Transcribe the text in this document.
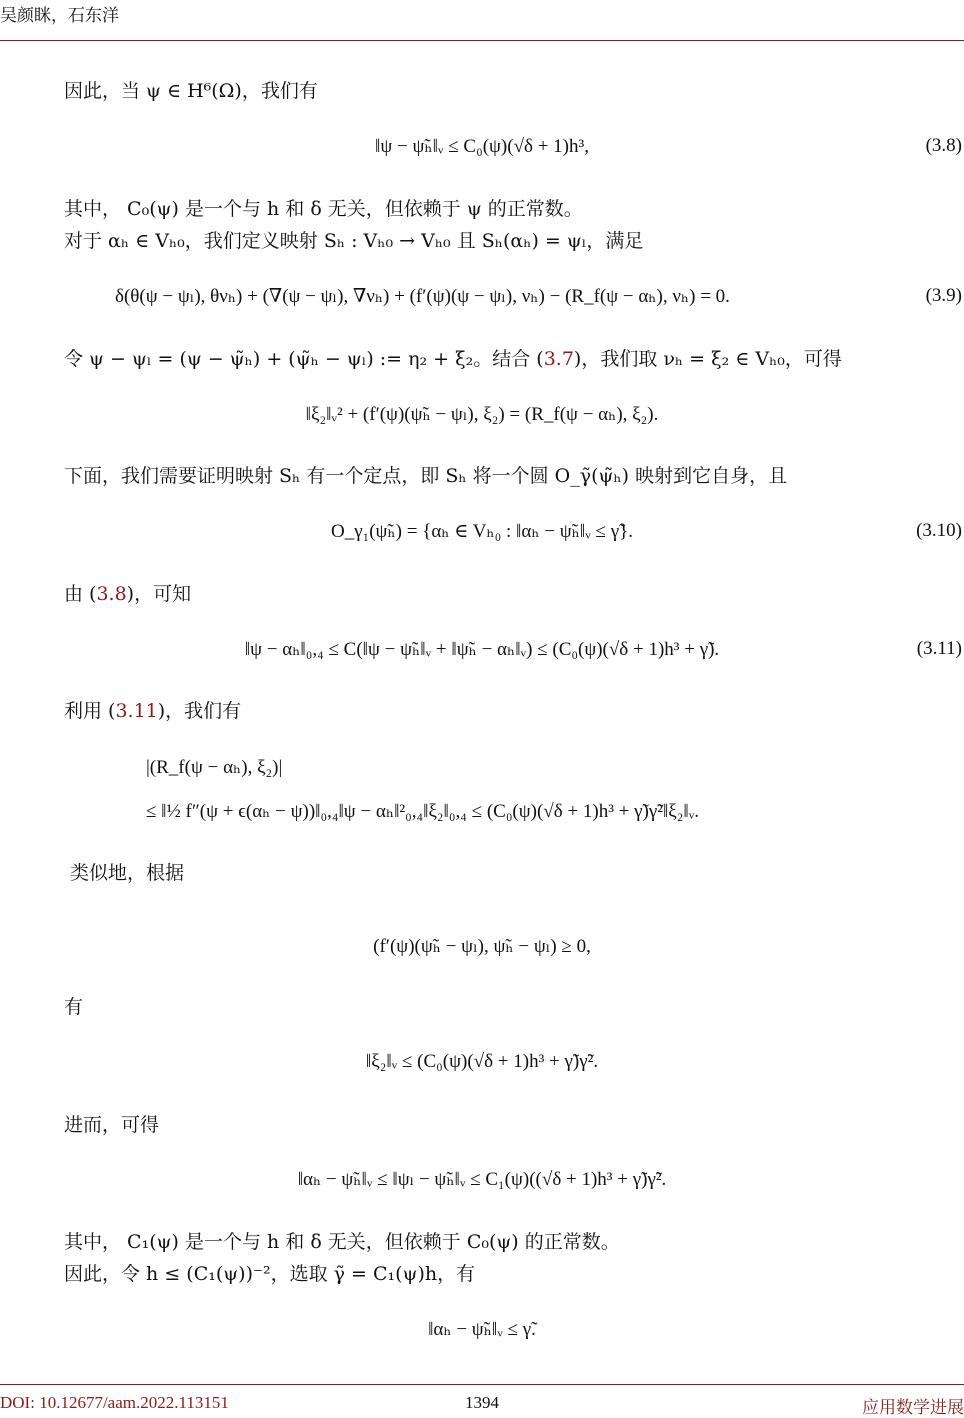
吴颜眯，石东洋
因此，当 ψ ∈ H⁶(Ω)，我们有
‖ψ − ψ̃ₕ‖ᵥ ≤ C₀(ψ)(√δ + 1)h³,	(3.8)
其中， C₀(ψ) 是一个与 h 和 δ 无关，但依赖于 ψ 的正常数。
对于 αₕ ∈ Vₕ₀，我们定义映射 Sₕ : Vₕ₀ → Vₕ₀ 且 Sₕ(αₕ) = ψₗ，满足
δ(θ(ψ − ψₗ), θνₕ) + (∇(ψ − ψₗ), ∇νₕ) + (f′(ψ)(ψ − ψₗ), νₕ) − (R_f(ψ − αₕ), νₕ) = 0.	(3.9)
令 ψ − ψₗ = (ψ − ψ̃ₕ) + (ψ̃ₕ − ψₗ) := η₂ + ξ₂。结合 (3.7)，我们取 νₕ = ξ₂ ∈ Vₕ₀，可得
‖ξ₂‖ᵥ² + (f′(ψ)(ψ̃ₕ − ψₗ), ξ₂) = (R_f(ψ − αₕ), ξ₂).
下面，我们需要证明映射 Sₕ 有一个定点，即 Sₕ 将一个圆 O_γ̃(ψ̃ₕ) 映射到它自身，且
O_γ₁(ψ̃ₕ) = {αₕ ∈ Vₕ₀ : ‖αₕ − ψ̃ₕ‖ᵥ ≤ γ̃}.	(3.10)
由 (3.8)，可知
‖ψ − αₕ‖₀,₄ ≤ C(‖ψ − ψ̃ₕ‖ᵥ + ‖ψ̃ₕ − αₕ‖ᵥ) ≤ (C₀(ψ)(√δ + 1)h³ + γ̃).	(3.11)
利用 (3.11)，我们有
|(R_f(ψ − αₕ), ξ₂)|
≤ ‖½ f″(ψ + ϵ(αₕ − ψ))‖₀,₄‖ψ − αₕ‖²₀,₄‖ξ₂‖₀,₄ ≤ (C₀(ψ)(√δ + 1)h³ + γ̃)γ̃²‖ξ₂‖ᵥ.
类似地，根据
(f′(ψ)(ψ̃ₕ − ψₗ), ψ̃ₕ − ψₗ) ≥ 0,
有
‖ξ₂‖ᵥ ≤ (C₀(ψ)(√δ + 1)h³ + γ̃)γ̃².
进而，可得
‖αₕ − ψ̃ₕ‖ᵥ ≤ ‖ψₗ − ψ̃ₕ‖ᵥ ≤ C₁(ψ)((√δ + 1)h³ + γ̃)γ̃².
其中， C₁(ψ) 是一个与 h 和 δ 无关，但依赖于 C₀(ψ) 的正常数。
因此，令 h ≤ (C₁(ψ))⁻²，选取 γ̃ = C₁(ψ)h，有
‖αₕ − ψ̃ₕ‖ᵥ ≤ γ̃.
DOI: 10.12677/aam.2022.113151	1394	应用数学进展
